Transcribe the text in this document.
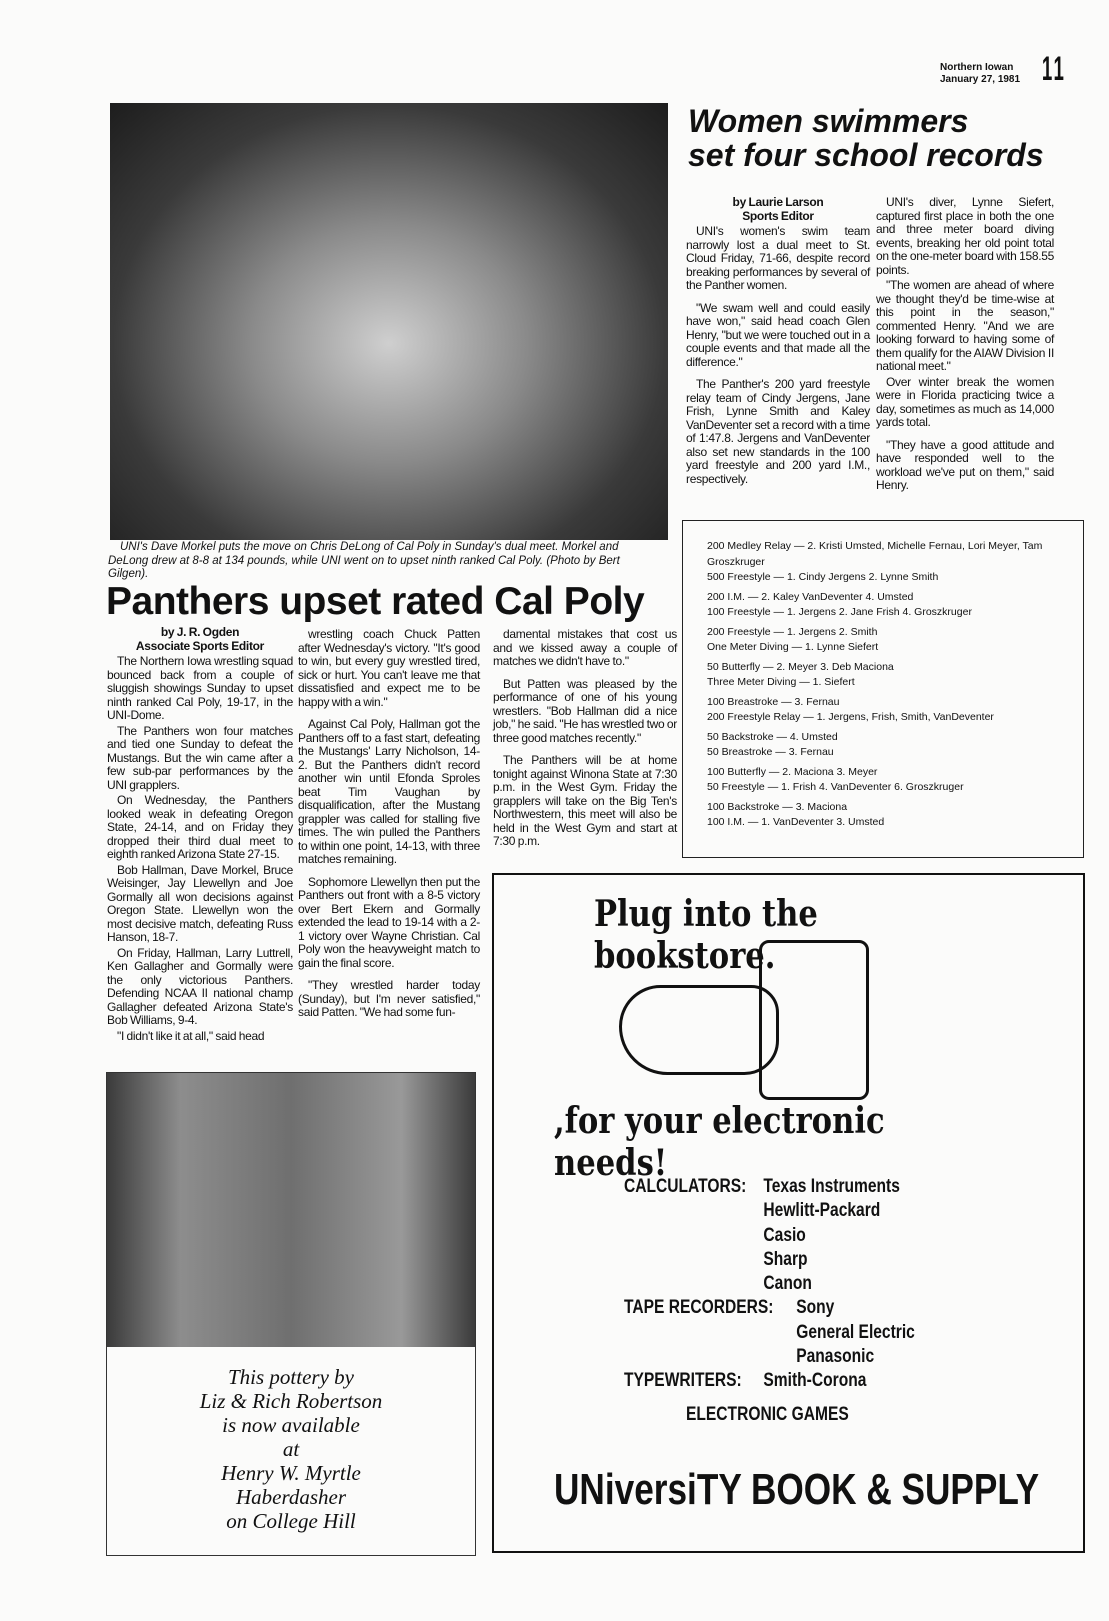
Northern Iowan
January 27, 1981 11
Women swimmers
set four school records
by Laurie Larson
Sports Editor

UNI's women's swim team narrowly lost a dual meet to St. Cloud Friday, 71-66, despite record breaking performances by several of the Panther women.

"We swam well and could easily have won," said head coach Glen Henry, "but we were touched out in a couple events and that made all the difference."

The Panther's 200 yard freestyle relay team of Cindy Jergens, Jane Frish, Lynne Smith and Kaley VanDeventer set a record with a time of 1:47.8. Jergens and VanDeventer also set new standards in the 100 yard freestyle and 200 yard I.M., respectively.

UNI's diver, Lynne Siefert, captured first place in both the one and three meter board diving events, breaking her old point total on the one-meter board with 158.55 points.

"The women are ahead of where we thought they'd be time-wise at this point in the season," commented Henry. "And we are looking forward to having some of them qualify for the AIAW Division II national meet."

Over winter break the women were in Florida practicing twice a day, sometimes as much as 14,000 yards total.

"They have a good attitude and have responded well to the workload we've put on them," said Henry.

200 Medley Relay — 2. Kristi Umsted, Michelle Fernau, Lori Meyer, Tam Groszkruger
500 Freestyle — 1. Cindy Jergens 2. Lynne Smith
200 I.M. — 2. Kaley VanDeventer 4. Umsted
100 Freestyle — 1. Jergens 2. Jane Frish 4. Groszkruger
200 Freestyle — 1. Jergens 2. Smith
One Meter Diving — 1. Lynne Siefert
50 Butterfly — 2. Meyer 3. Deb Maciona
Three Meter Diving — 1. Siefert
100 Breastroke — 3. Fernau
200 Freestyle Relay — 1. Jergens, Frish, Smith, VanDeventer
50 Backstroke — 4. Umsted
50 Breastroke — 3. Fernau
100 Butterfly — 2. Maciona 3. Meyer
50 Freestyle — 1. Frish 4. VanDeventer 6. Groszkruger
100 Backstroke — 3. Maciona
100 I.M. — 1. VanDeventer 3. Umsted
UNI's Dave Morkel puts the move on Chris DeLong of Cal Poly in Sunday's dual meet. Morkel and DeLong drew at 8-8 at 134 pounds, while UNI went on to upset ninth ranked Cal Poly. (Photo by Bert Gilgen).
Panthers upset rated Cal Poly
by J. R. Ogden
Associate Sports Editor

The Northern Iowa wrestling squad bounced back from a couple of sluggish showings Sunday to upset ninth ranked Cal Poly, 19-17, in the UNI-Dome.

The Panthers won four matches and tied one Sunday to defeat the Mustangs. But the win came after a few sub-par performances by the UNI grapplers.

On Wednesday, the Panthers looked weak in defeating Oregon State, 24-14, and on Friday they dropped their third dual meet to eighth ranked Arizona State 27-15.

Bob Hallman, Dave Morkel, Bruce Weisinger, Jay Llewellyn and Joe Gormally all won decisions against Oregon State. Llewellyn won the most decisive match, defeating Russ Hanson, 18-7.

On Friday, Hallman, Larry Luttrell, Ken Gallagher and Gormally were the only victorious Panthers. Defending NCAA II national champ Gallagher defeated Arizona State's Bob Williams, 9-4.

"I didn't like it at all," said head

wrestling coach Chuck Patten after Wednesday's victory. "It's good to win, but every guy wrestled tired, sick or hurt. You can't leave me that dissatisfied and expect me to be happy with a win."

Against Cal Poly, Hallman got the Panthers off to a fast start, defeating the Mustangs' Larry Nicholson, 14-2. But the Panthers didn't record another win until Efonda Sproles beat Tim Vaughan by disqualification, after the Mustang grappler was called for stalling five times. The win pulled the Panthers to within one point, 14-13, with three matches remaining.

Sophomore Llewellyn then put the Panthers out front with a 8-5 victory over Bert Ekern and Gormally extended the lead to 19-14 with a 2-1 victory over Wayne Christian. Cal Poly won the heavyweight match to gain the final score.

"They wrestled harder today (Sunday), but I'm never satisfied," said Patten. "We had some fun-

damental mistakes that cost us and we kissed away a couple of matches we didn't have to."

But Patten was pleased by the performance of one of his young wrestlers. "Bob Hallman did a nice job," he said. "He has wrestled two or three good matches recently."

The Panthers will be at home tonight against Winona State at 7:30 p.m. in the West Gym. Friday the grapplers will take on the Big Ten's Northwestern, this meet will also be held in the West Gym and start at 7:30 p.m.

This pottery by
Liz & Rich Robertson
is now available
at
Henry W. Myrtle
Haberdasher
on College Hill
Plug into the bookstore.
,for your electronic needs!
CALCULATORS: Texas Instruments
Hewlitt-Packard
Casio
Sharp
Canon
TAPE RECORDERS:	Sony
General Electric
Panasonic
TYPEWRITERS:	Smith-Corona
ELECTRONIC GAMES
UNiversiTY BOOK & SUPPLY
